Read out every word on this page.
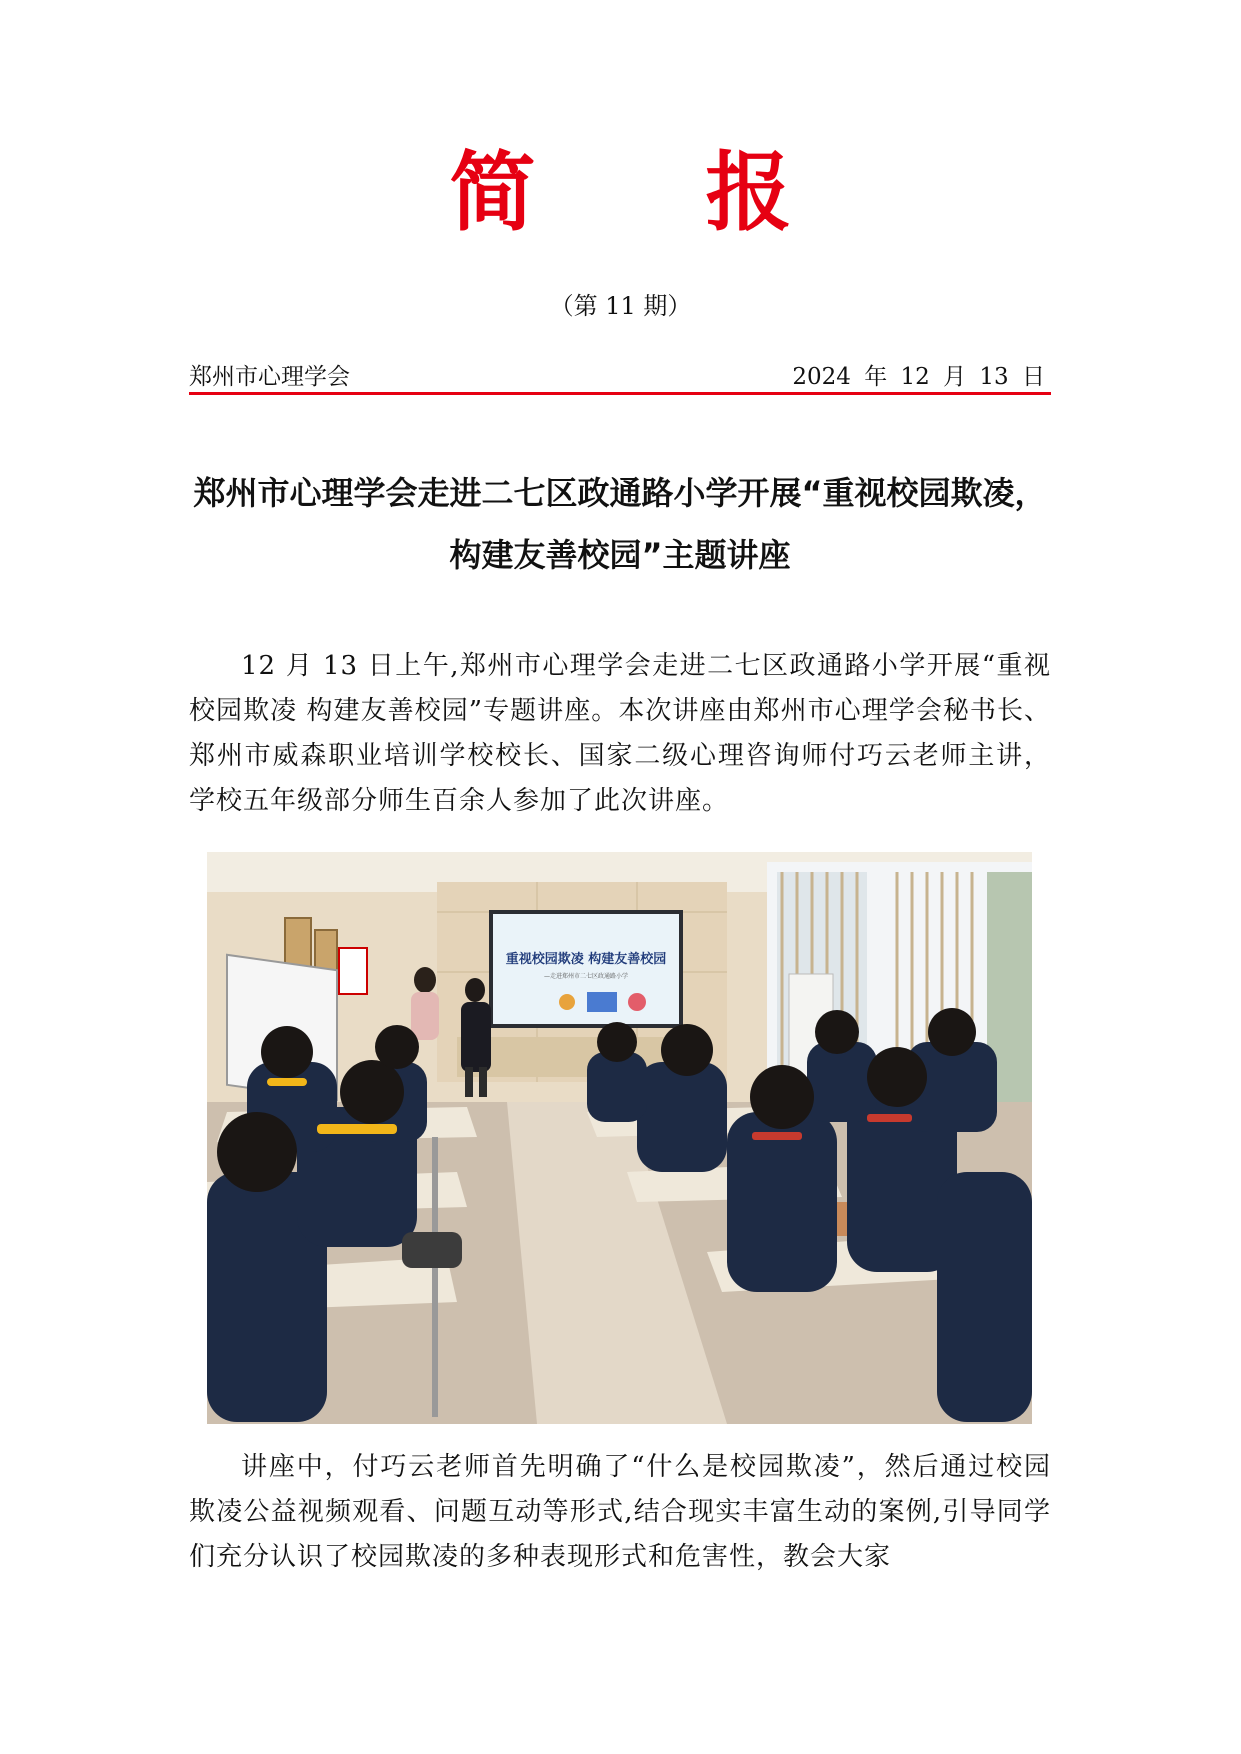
简 报
（第 11 期）
郑州市心理学会	2024 年 12 月 13 日
郑州市心理学会走进二七区政通路小学开展“重视校园欺凌，构建友善校园”主题讲座

12 月 13 日上午,郑州市心理学会走进二七区政通路小学开展“重视校园欺凌 构建友善校园”专题讲座。本次讲座由郑州市心理学会秘书长、郑州市威森职业培训学校校长、国家二级心理咨询师付巧云老师主讲，学校五年级部分师生百余人参加了此次讲座。

重视校园欺凌 构建友善校园
—走进郑州市二七区政通路小学

讲座中，付巧云老师首先明确了“什么是校园欺凌”，然后通过校园欺凌公益视频观看、问题互动等形式,结合现实丰富生动的案例,引导同学们充分认识了校园欺凌的多种表现形式和危害性，教会大家
